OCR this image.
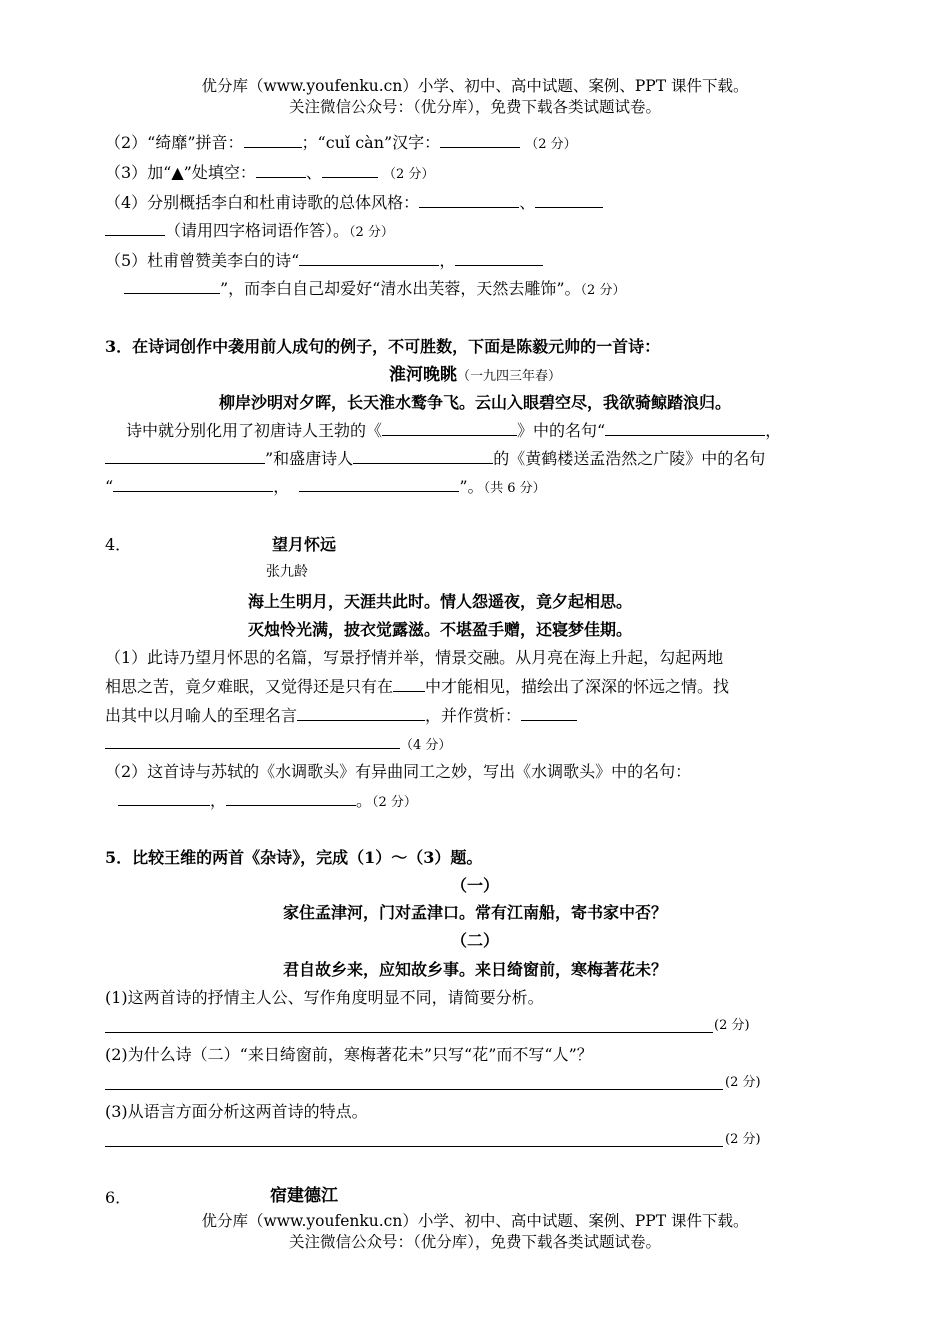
优分库（www.youfenku.cn）小学、初中、高中试题、案例、PPT 课件下载。
关注微信公众号：（优分库），免费下载各类试题试卷。
（2）“绮靡”拼音：	；“cuǐ càn”汉字：	（2 分）
（3）加“▲”处填空：	、	（2 分）
（4）分别概括李白和杜甫诗歌的总体风格：	、
（请用四字格词语作答）。（2 分）
（5）杜甫曾赞美李白的诗“	，
”，而李白自己却爱好“清水出芙蓉，天然去雕饰”。（2 分）
3．在诗词创作中袭用前人成句的例子，不可胜数，下面是陈毅元帅的一首诗：
淮河晚眺（一九四三年春）
柳岸沙明对夕晖，长天淮水鹜争飞。云山入眼碧空尽，我欲骑鲸踏浪归。
诗中就分别化用了初唐诗人王勃的《	》中的名句“	，
”和盛唐诗人	的《黄鹤楼送孟浩然之广陵》中的名句
“	，	”。（共 6 分）
4．	望月怀远
张九龄
海上生明月，天涯共此时。情人怨遥夜，竟夕起相思。
灭烛怜光满，披衣觉露滋。不堪盈手赠，还寝梦佳期。
（1）此诗乃望月怀思的名篇，写景抒情并举，情景交融。从月亮在海上升起，勾起两地
相思之苦，竟夕难眠，又觉得还是只有在 中才能相见，描绘出了深深的怀远之情。找
出其中以月喻人的至理名言	，并作赏析：
（4 分）
（2）这首诗与苏轼的《水调歌头》有异曲同工之妙，写出《水调歌头》中的名句：
，	。（2 分）
5．比较王维的两首《杂诗》，完成（1）～（3）题。
（一）
家住孟津河，门对孟津口。常有江南船，寄书家中否？
（二）
君自故乡来，应知故乡事。来日绮窗前，寒梅著花未？
(1)这两首诗的抒情主人公、写作角度明显不同，请简要分析。
(2 分)
(2)为什么诗（二）“来日绮窗前，寒梅著花未”只写“花”而不写“人”？
(2 分)
(3)从语言方面分析这两首诗的特点。
(2 分)
6．	宿建德江
优分库（www.youfenku.cn）小学、初中、高中试题、案例、PPT 课件下载。
关注微信公众号：（优分库），免费下载各类试题试卷。
